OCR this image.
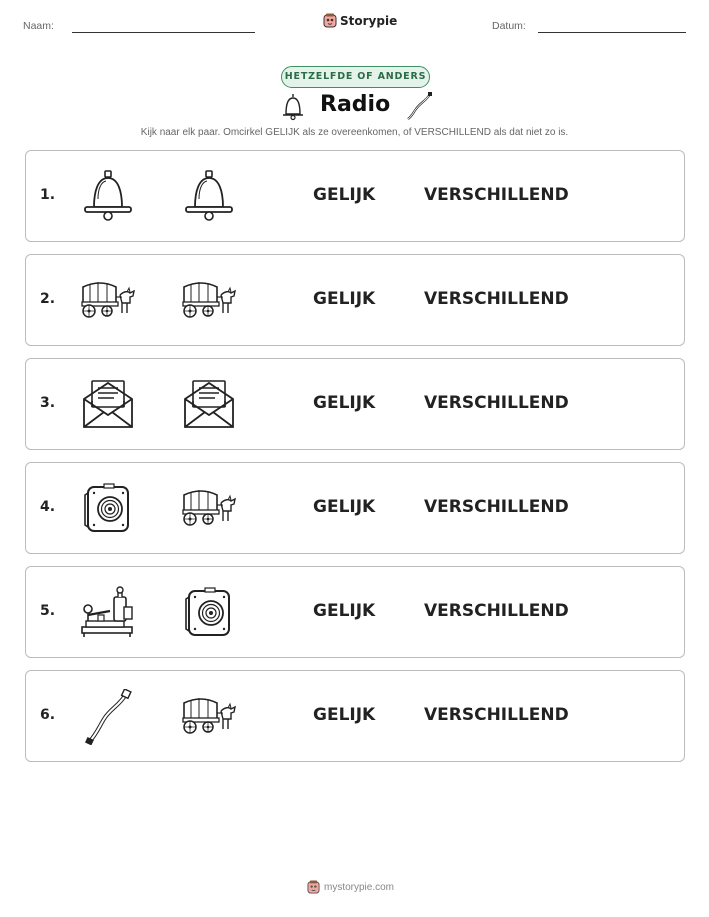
Naam:	Storypie	Datum:
HETZELFDE OF ANDERS
Radio
Kijk naar elk paar. Omcirkel GELIJK als ze overeenkomen, of VERSCHILLEND als dat niet zo is.
1.	GELIJK	VERSCHILLEND
2.	GELIJK	VERSCHILLEND
3.	GELIJK	VERSCHILLEND
4.	GELIJK	VERSCHILLEND
5.	GELIJK	VERSCHILLEND
6.	GELIJK	VERSCHILLEND
mystorypie.com
